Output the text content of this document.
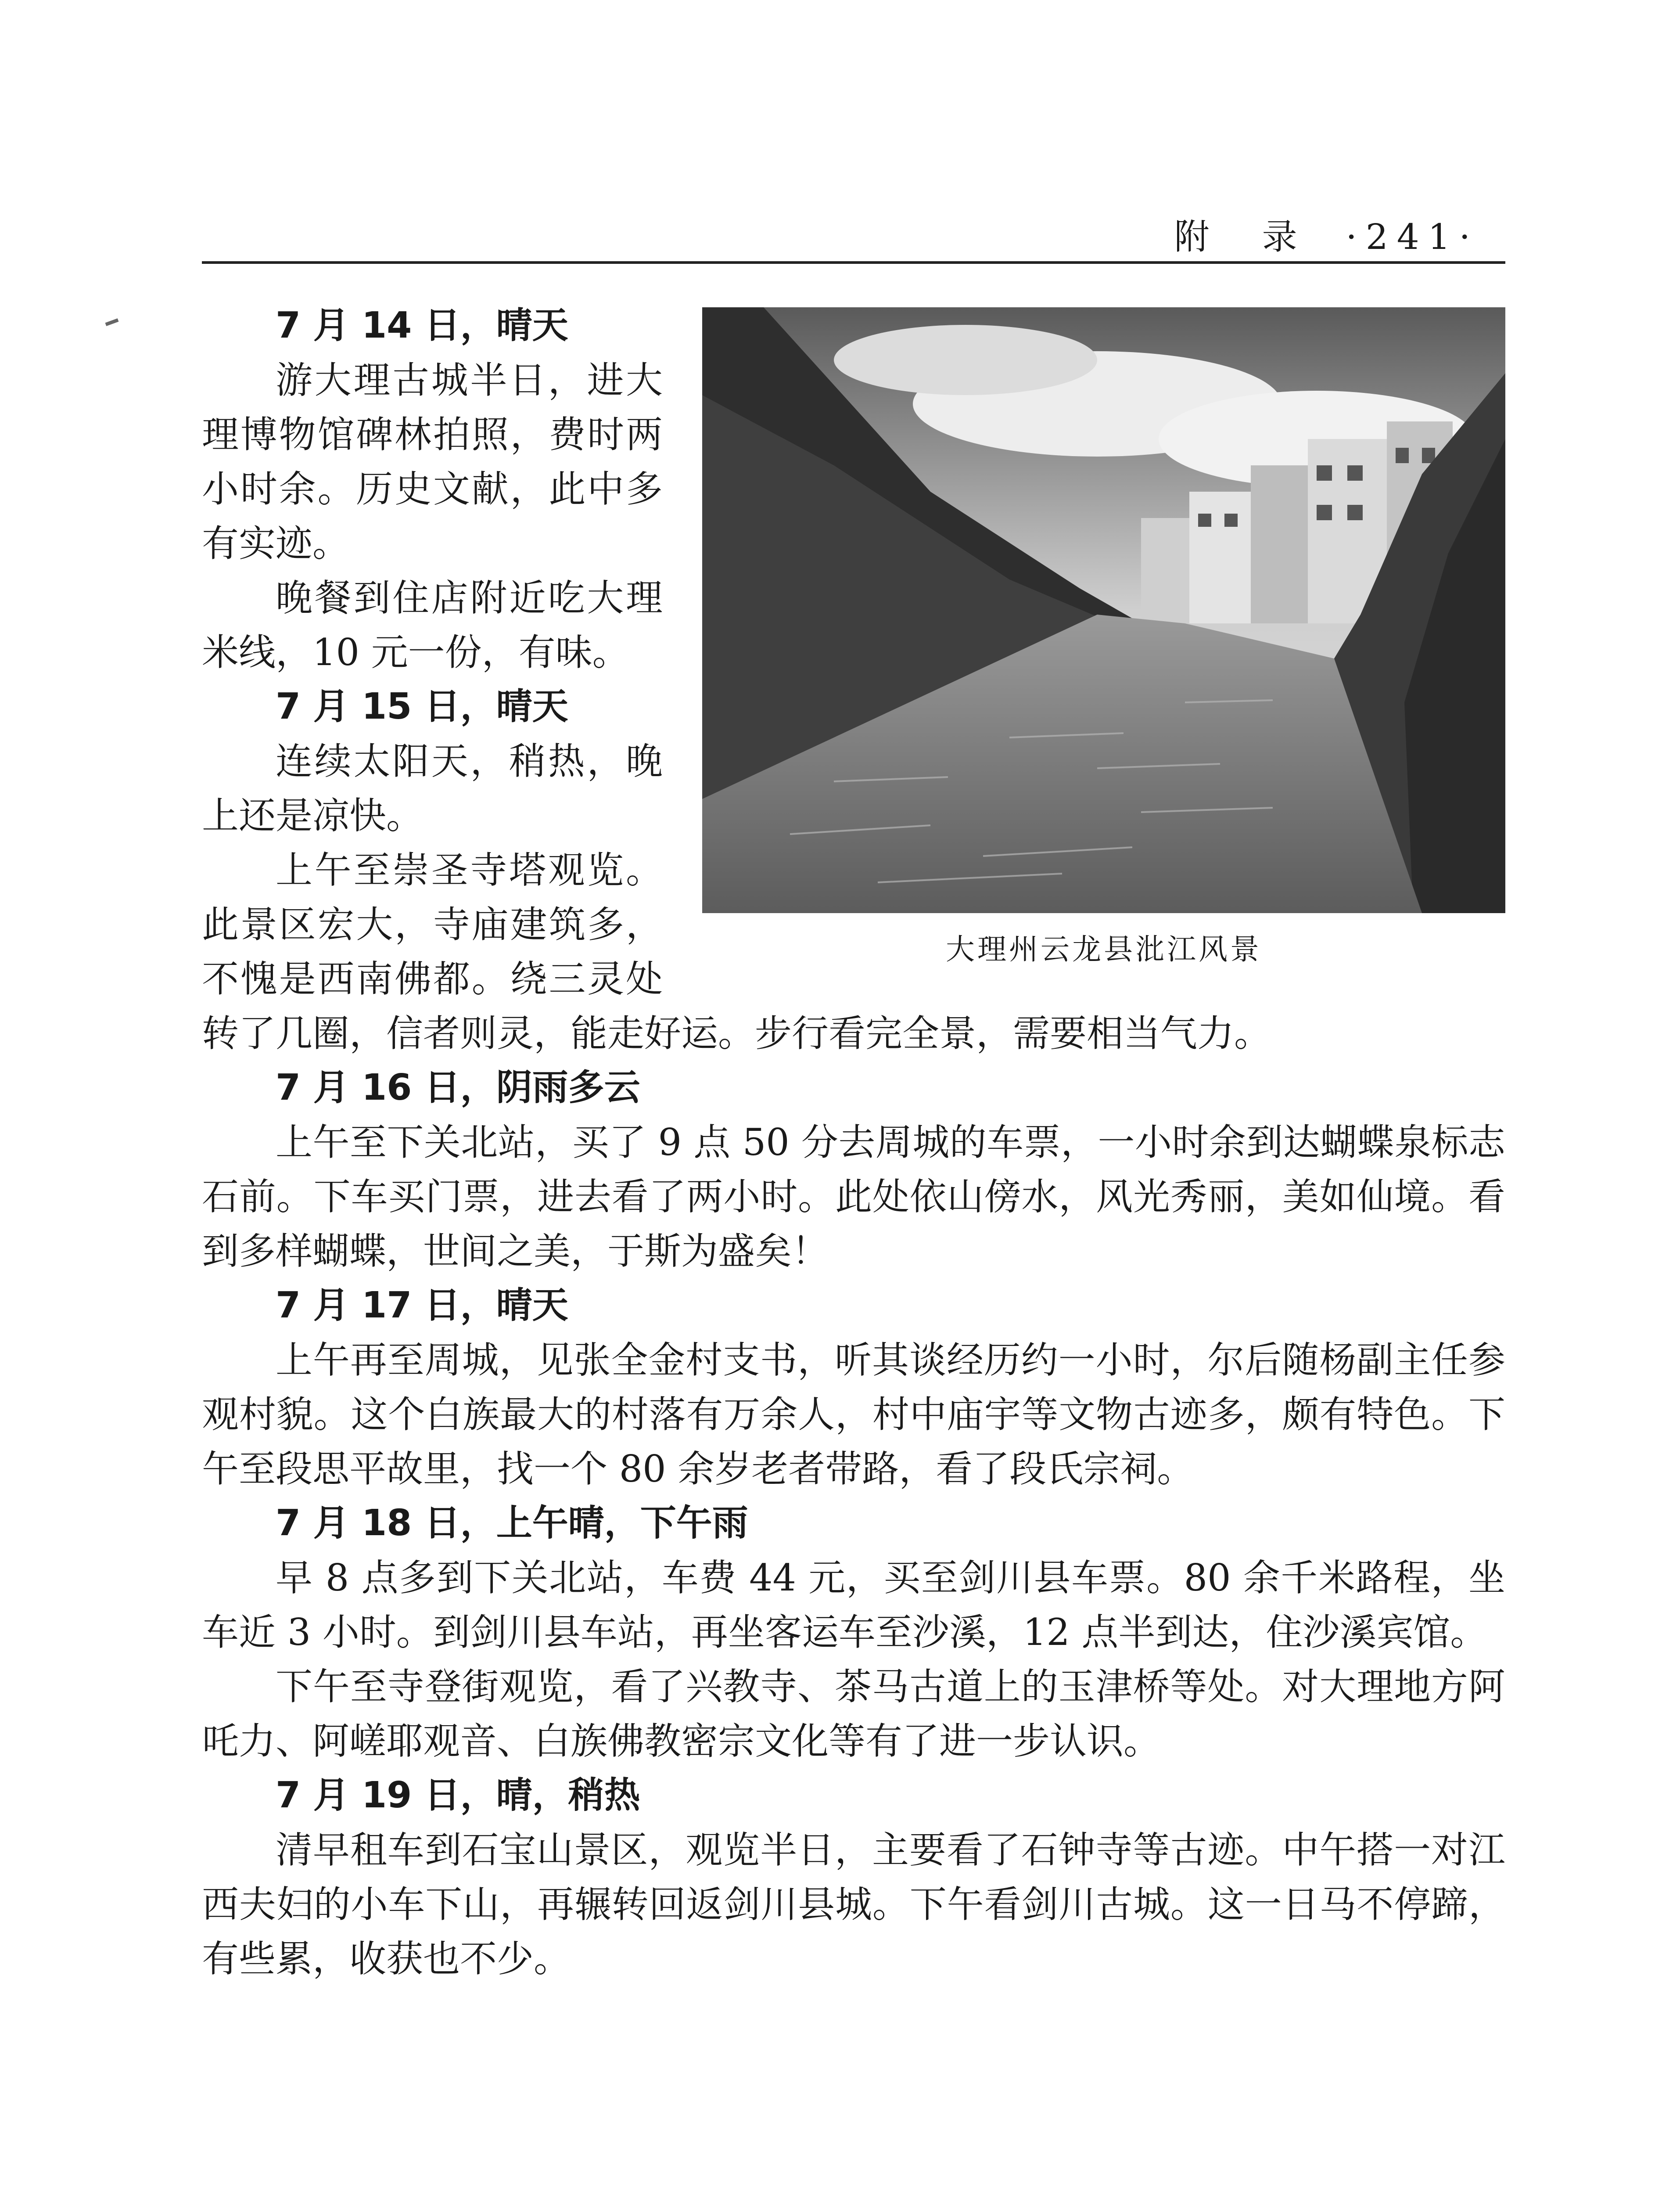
附　录 ·241·
大理州云龙县沘江风景
7 月 14 日，晴天

游大理古城半日，进大理博物馆碑林拍照，费时两小时余。历史文献，此中多有实迹。

晚餐到住店附近吃大理米线，10 元一份，有味。

7 月 15 日，晴天

连续太阳天，稍热，晚上还是凉快。

上午至崇圣寺塔观览。此景区宏大，寺庙建筑多，不愧是西南佛都。绕三灵处转了几圈，信者则灵，能走好运。步行看完全景，需要相当气力。

7 月 16 日，阴雨多云

上午至下关北站，买了 9 点 50 分去周城的车票，一小时余到达蝴蝶泉标志石前。下车买门票，进去看了两小时。此处依山傍水，风光秀丽，美如仙境。看到多样蝴蝶，世间之美，于斯为盛矣！

7 月 17 日，晴天

上午再至周城，见张全金村支书，听其谈经历约一小时，尔后随杨副主任参观村貌。这个白族最大的村落有万余人，村中庙宇等文物古迹多，颇有特色。下午至段思平故里，找一个 80 余岁老者带路，看了段氏宗祠。

7 月 18 日，上午晴，下午雨

早 8 点多到下关北站，车费 44 元，买至剑川县车票。80 余千米路程，坐车近 3 小时。到剑川县车站，再坐客运车至沙溪，12 点半到达，住沙溪宾馆。

下午至寺登街观览，看了兴教寺、茶马古道上的玉津桥等处。对大理地方阿吒力、阿嵯耶观音、白族佛教密宗文化等有了进一步认识。

7 月 19 日，晴，稍热

清早租车到石宝山景区，观览半日，主要看了石钟寺等古迹。中午搭一对江西夫妇的小车下山，再辗转回返剑川县城。下午看剑川古城。这一日马不停蹄，有些累，收获也不少。
